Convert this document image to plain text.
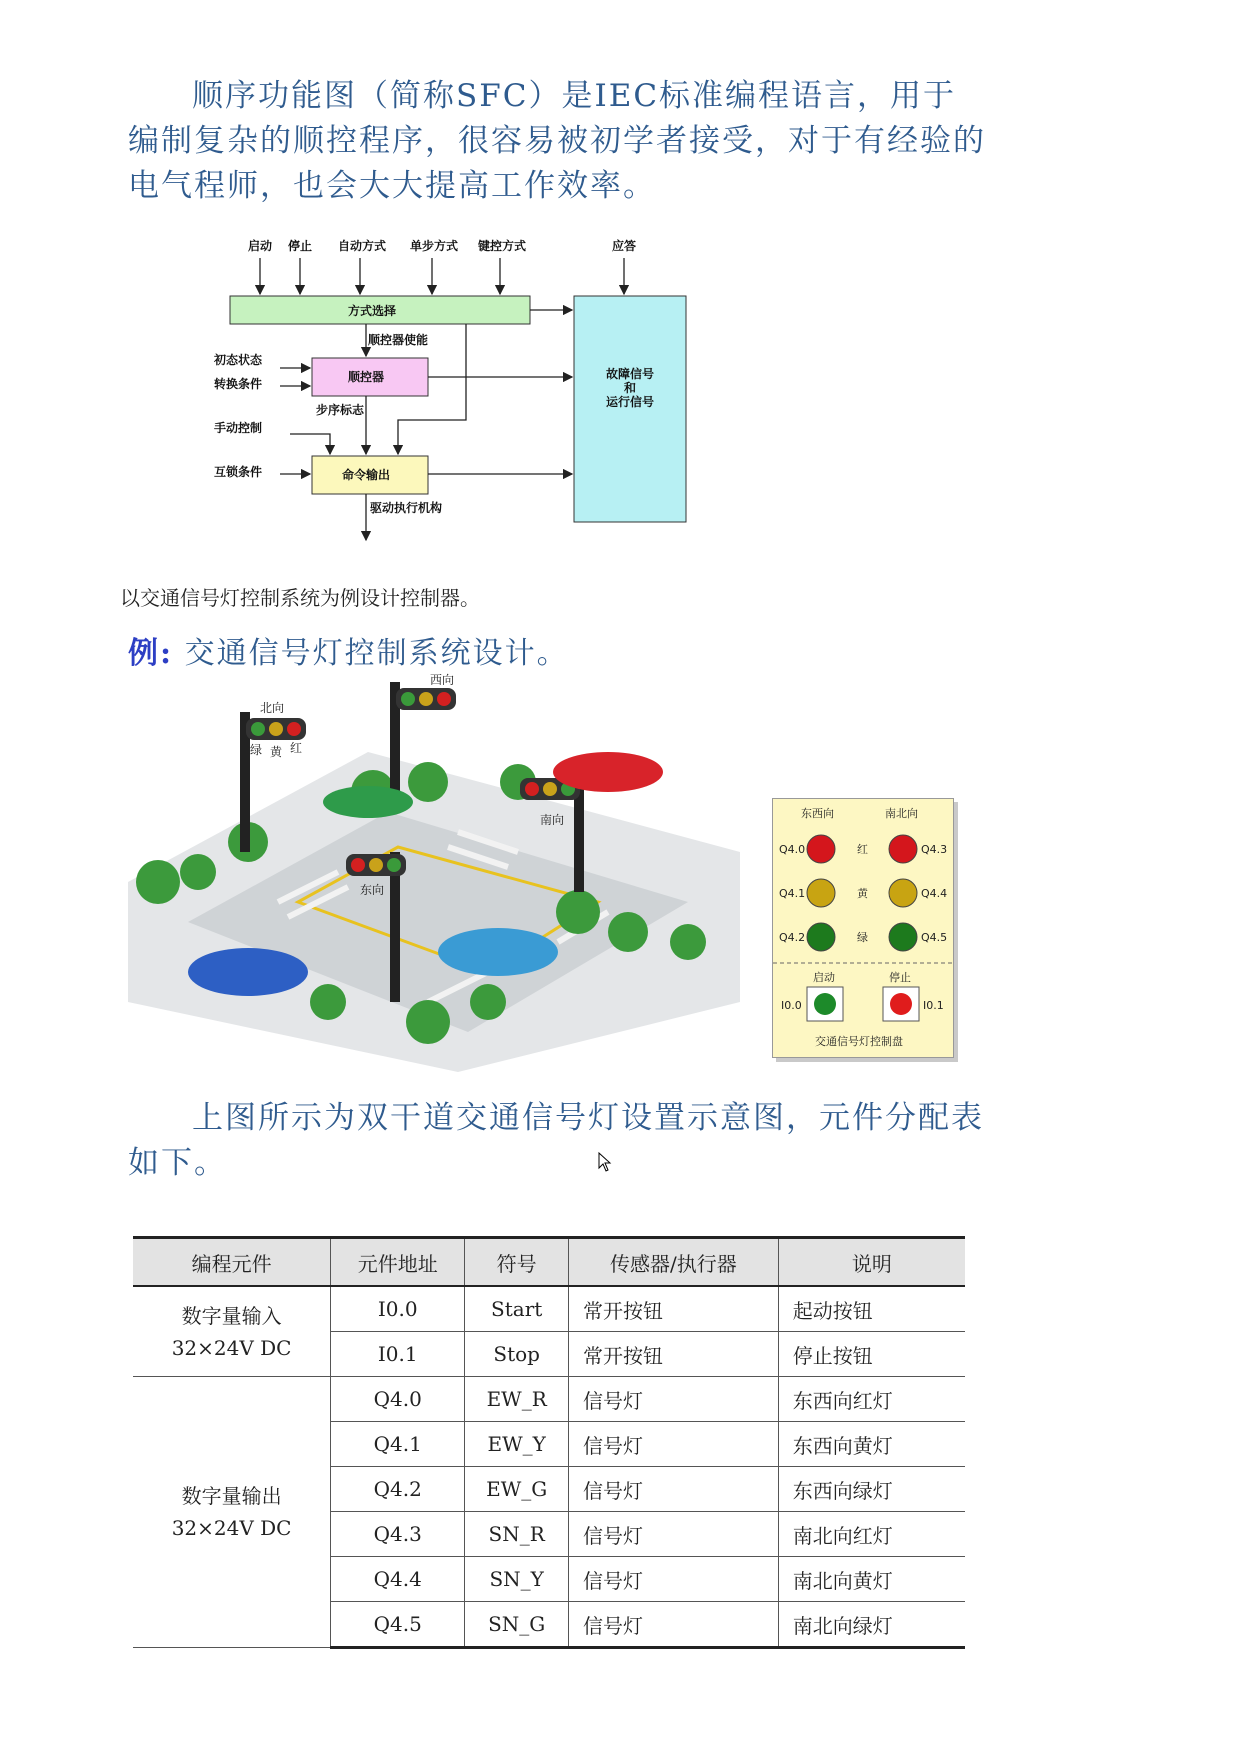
顺序功能图（简称SFC）是IEC标准编程语言，用于编制复杂的顺控程序，很容易被初学者接受，对于有经验的电气程师，也会大大提高工作效率。
启动 停止 自动方式 单步方式 键控方式	应答
方式选择
故障信号
和
运行信号
顺控器
顺控器使能
命令输出
初态状态
转换条件
步序标志
手动控制
互锁条件
驱动执行机构
以交通信号灯控制系统为例设计控制器。
例: 交通信号灯控制系统设计。
北向
西向
南向
东向
绿 黄 红
东西向	南北向
Q4.0	红	Q4.3
Q4.1	黄	Q4.4
Q4.2	绿	Q4.5
启动	停止
I0.0	I0.1
交通信号灯控制盘
上图所示为双干道交通信号灯设置示意图，元件分配表如下。
编程元件	元件地址	符号	传感器/执行器	说明

数字量输入
32×24V DC	I0.0	Start	常开按钮	起动按钮
	I0.1	Stop	常开按钮	停止按钮

数字量输出
32×24V DC	Q4.0	EW_R	信号灯	东西向红灯
	Q4.1	EW_Y	信号灯	东西向黄灯
	Q4.2	EW_G	信号灯	东西向绿灯
	Q4.3	SN_R	信号灯	南北向红灯
	Q4.4	SN_Y	信号灯	南北向黄灯
	Q4.5	SN_G	信号灯	南北向绿灯
